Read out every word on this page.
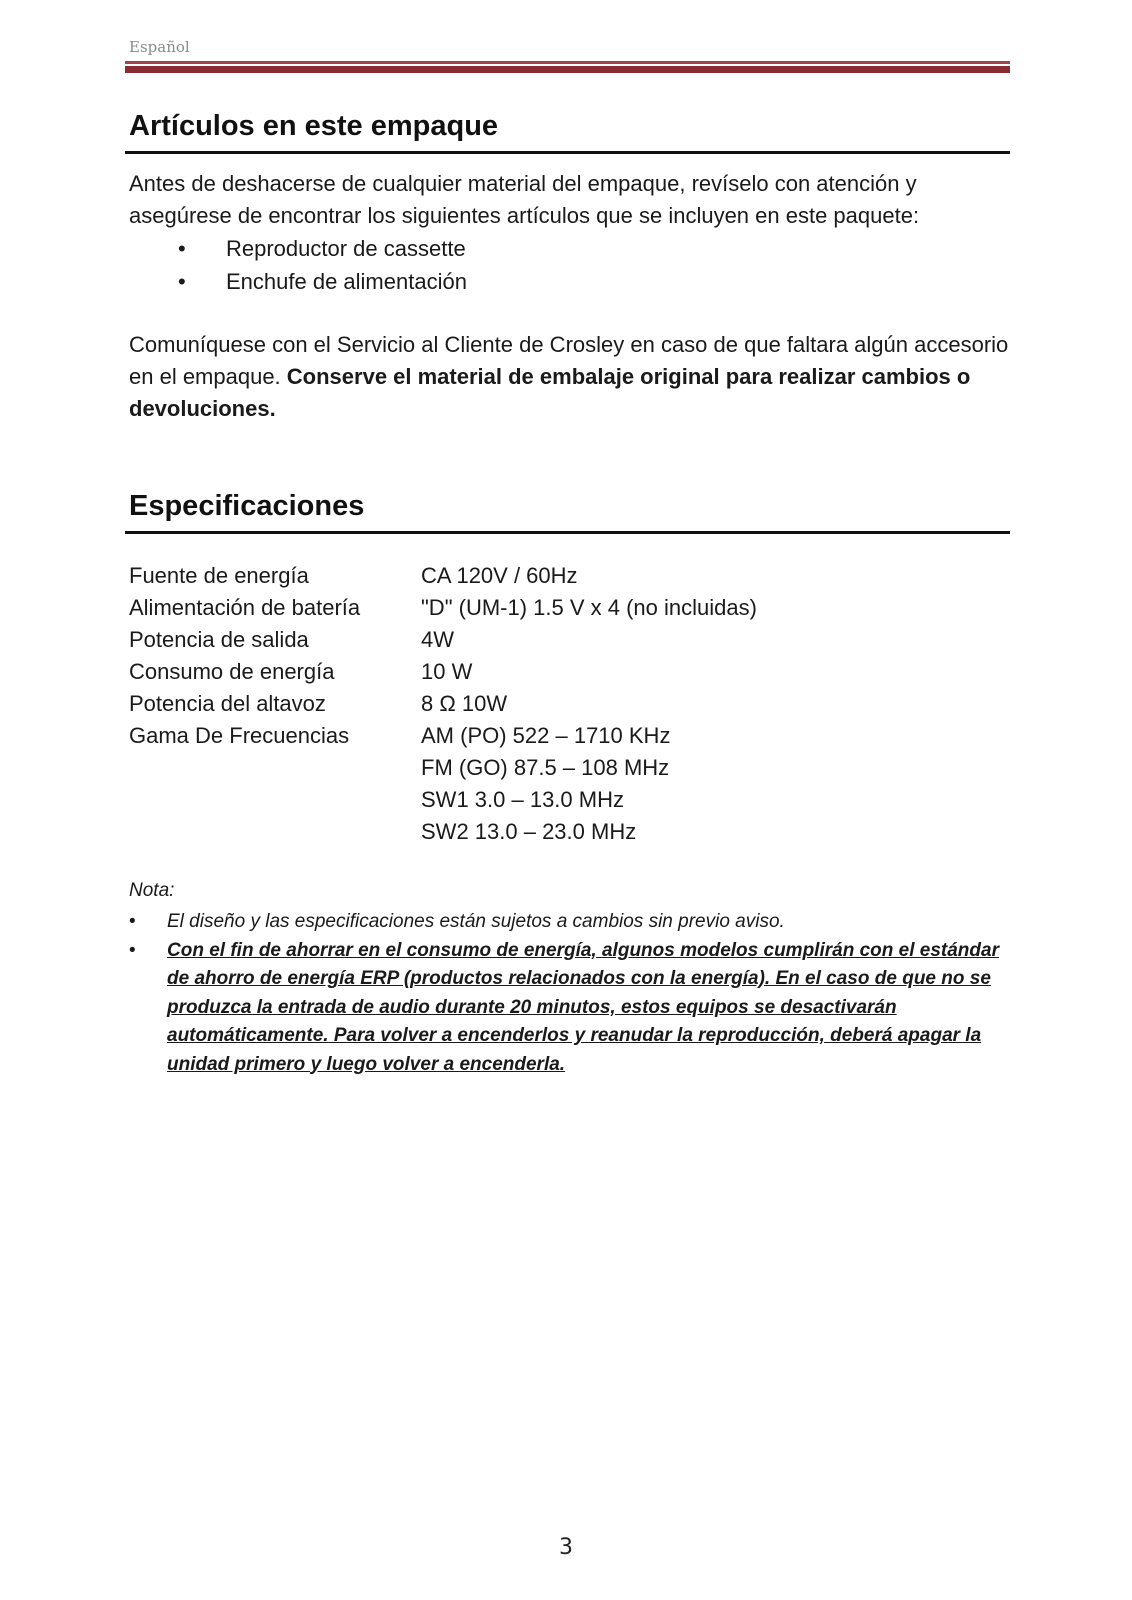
Español
Artículos en este empaque

Antes de deshacerse de cualquier material del empaque, revíselo con atención y asegúrese de encontrar los siguientes artículos que se incluyen en este paquete:

• Reproductor de cassette
• Enchufe de alimentación

Comuníquese con el Servicio al Cliente de Crosley en caso de que faltara algún accesorio en el empaque. Conserve el material de embalaje original para realizar cambios o devoluciones.

Especificaciones
Fuente de energía	CA 120V / 60Hz
Alimentación de batería	"D" (UM-1) 1.5 V x 4 (no incluidas)
Potencia de salida	4W
Consumo de energía	10 W
Potencia del altavoz	8 Ω 10W
Gama De Frecuencias	AM (PO) 522 – 1710 KHz
FM (GO) 87.5 – 108 MHz
SW1 3.0 – 13.0 MHz
SW2 13.0 – 23.0 MHz

Nota:

• El diseño y las especificaciones están sujetos a cambios sin previo aviso.
• Con el fin de ahorrar en el consumo de energía, algunos modelos cumplirán con el estándar de ahorro de energía ERP (productos relacionados con la energía). En el caso de que no se produzca la entrada de audio durante 20 minutos, estos equipos se desactivarán automáticamente. Para volver a encenderlos y reanudar la reproducción, deberá apagar la unidad primero y luego volver a encenderla.
3
